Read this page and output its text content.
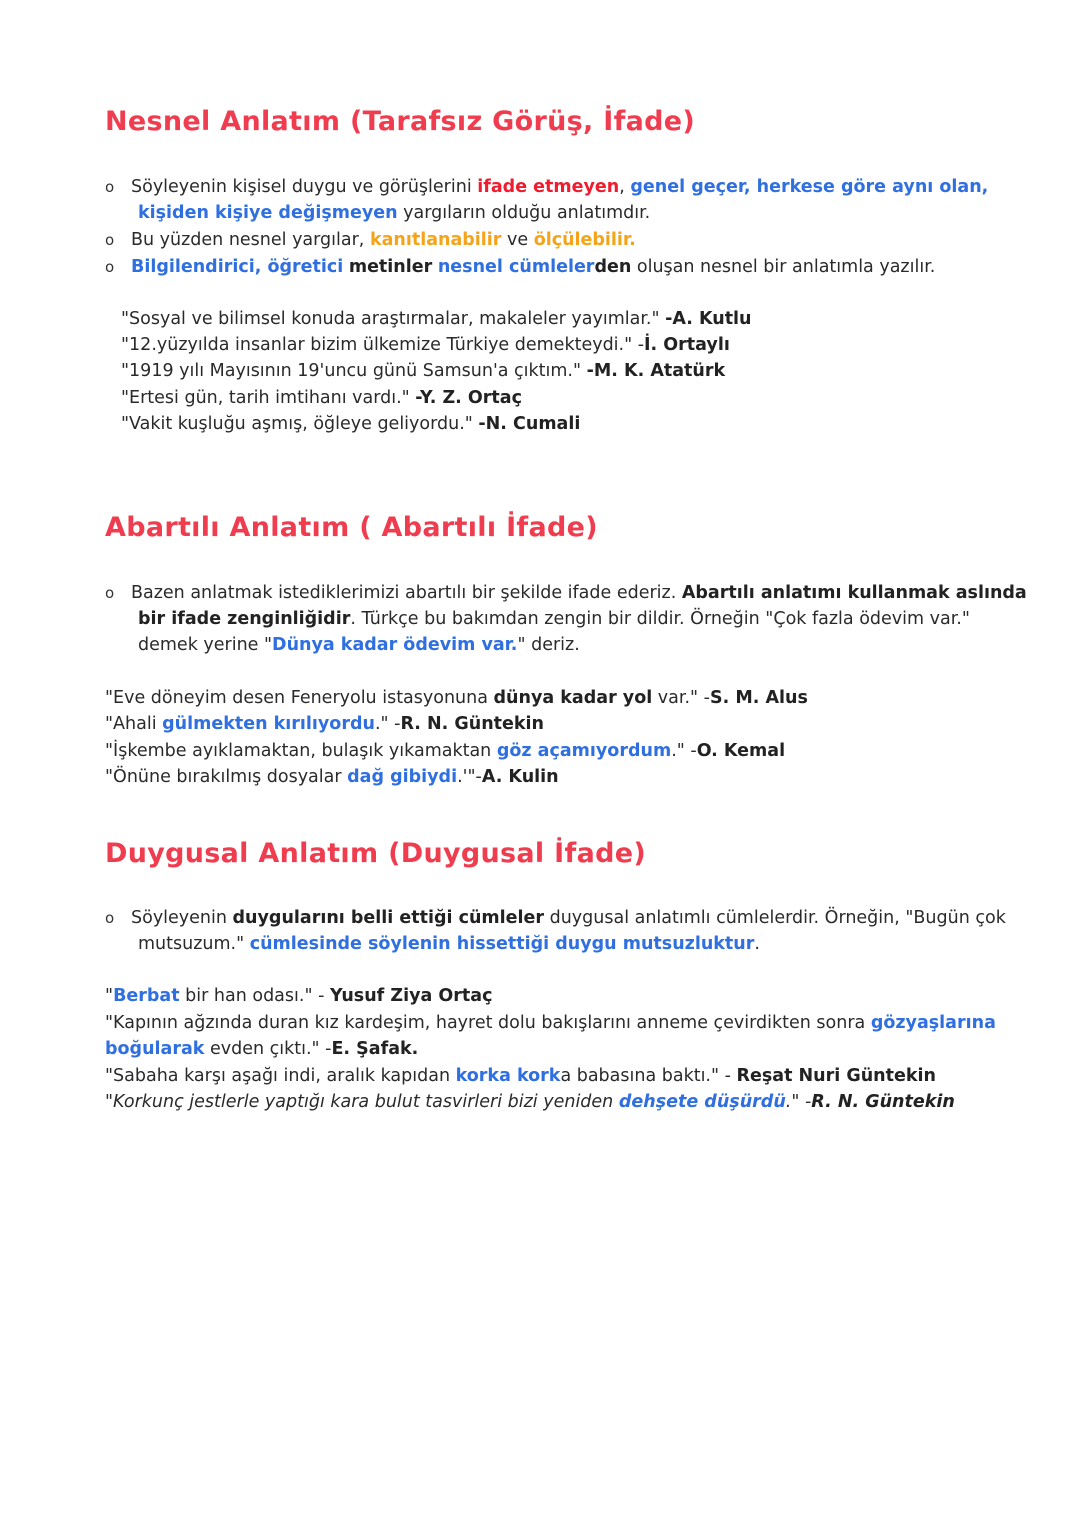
Nesnel Anlatım (Tarafsız Görüş, İfade)
o Söyleyenin kişisel duygu ve görüşlerini ifade etmeyen, genel geçer, herkese göre aynı olan,
kişiden kişiye değişmeyen yargıların olduğu anlatımdır.
o Bu yüzden nesnel yargılar, kanıtlanabilir ve ölçülebilir.
o Bilgilendirici, öğretici metinler nesnel cümlelerden oluşan nesnel bir anlatımla yazılır.
"Sosyal ve bilimsel konuda araştırmalar, makaleler yayımlar." -A. Kutlu
"12.yüzyılda insanlar bizim ülkemize Türkiye demekteydi." -İ. Ortaylı
"1919 yılı Mayısının 19'uncu günü Samsun'a çıktım." -M. K. Atatürk
"Ertesi gün, tarih imtihanı vardı." -Y. Z. Ortaç
"Vakit kuşluğu aşmış, öğleye geliyordu." -N. Cumali
Abartılı Anlatım ( Abartılı İfade)
o Bazen anlatmak istediklerimizi abartılı bir şekilde ifade ederiz. Abartılı anlatımı kullanmak aslında
bir ifade zenginliğidir. Türkçe bu bakımdan zengin bir dildir. Örneğin "Çok fazla ödevim var."
demek yerine "Dünya kadar ödevim var." deriz.
"Eve döneyim desen Feneryolu istasyonuna dünya kadar yol var." -S. M. Alus
"Ahali gülmekten kırılıyordu." -R. N. Güntekin
"İşkembe ayıklamaktan, bulaşık yıkamaktan göz açamıyordum." -O. Kemal
"Önüne bırakılmış dosyalar dağ gibiydi.'"-A. Kulin
Duygusal Anlatım (Duygusal İfade)
o Söyleyenin duygularını belli ettiği cümleler duygusal anlatımlı cümlelerdir. Örneğin, "Bugün çok
mutsuzum." cümlesinde söylenin hissettiği duygu mutsuzluktur.
"Berbat bir han odası." - Yusuf Ziya Ortaç
"Kapının ağzında duran kız kardeşim, hayret dolu bakışlarını anneme çevirdikten sonra gözyaşlarına
boğularak evden çıktı." -E. Şafak.
"Sabaha karşı aşağı indi, aralık kapıdan korka korka babasına baktı." - Reşat Nuri Güntekin
"Korkunç jestlerle yaptığı kara bulut tasvirleri bizi yeniden dehşete düşürdü." -R. N. Güntekin
